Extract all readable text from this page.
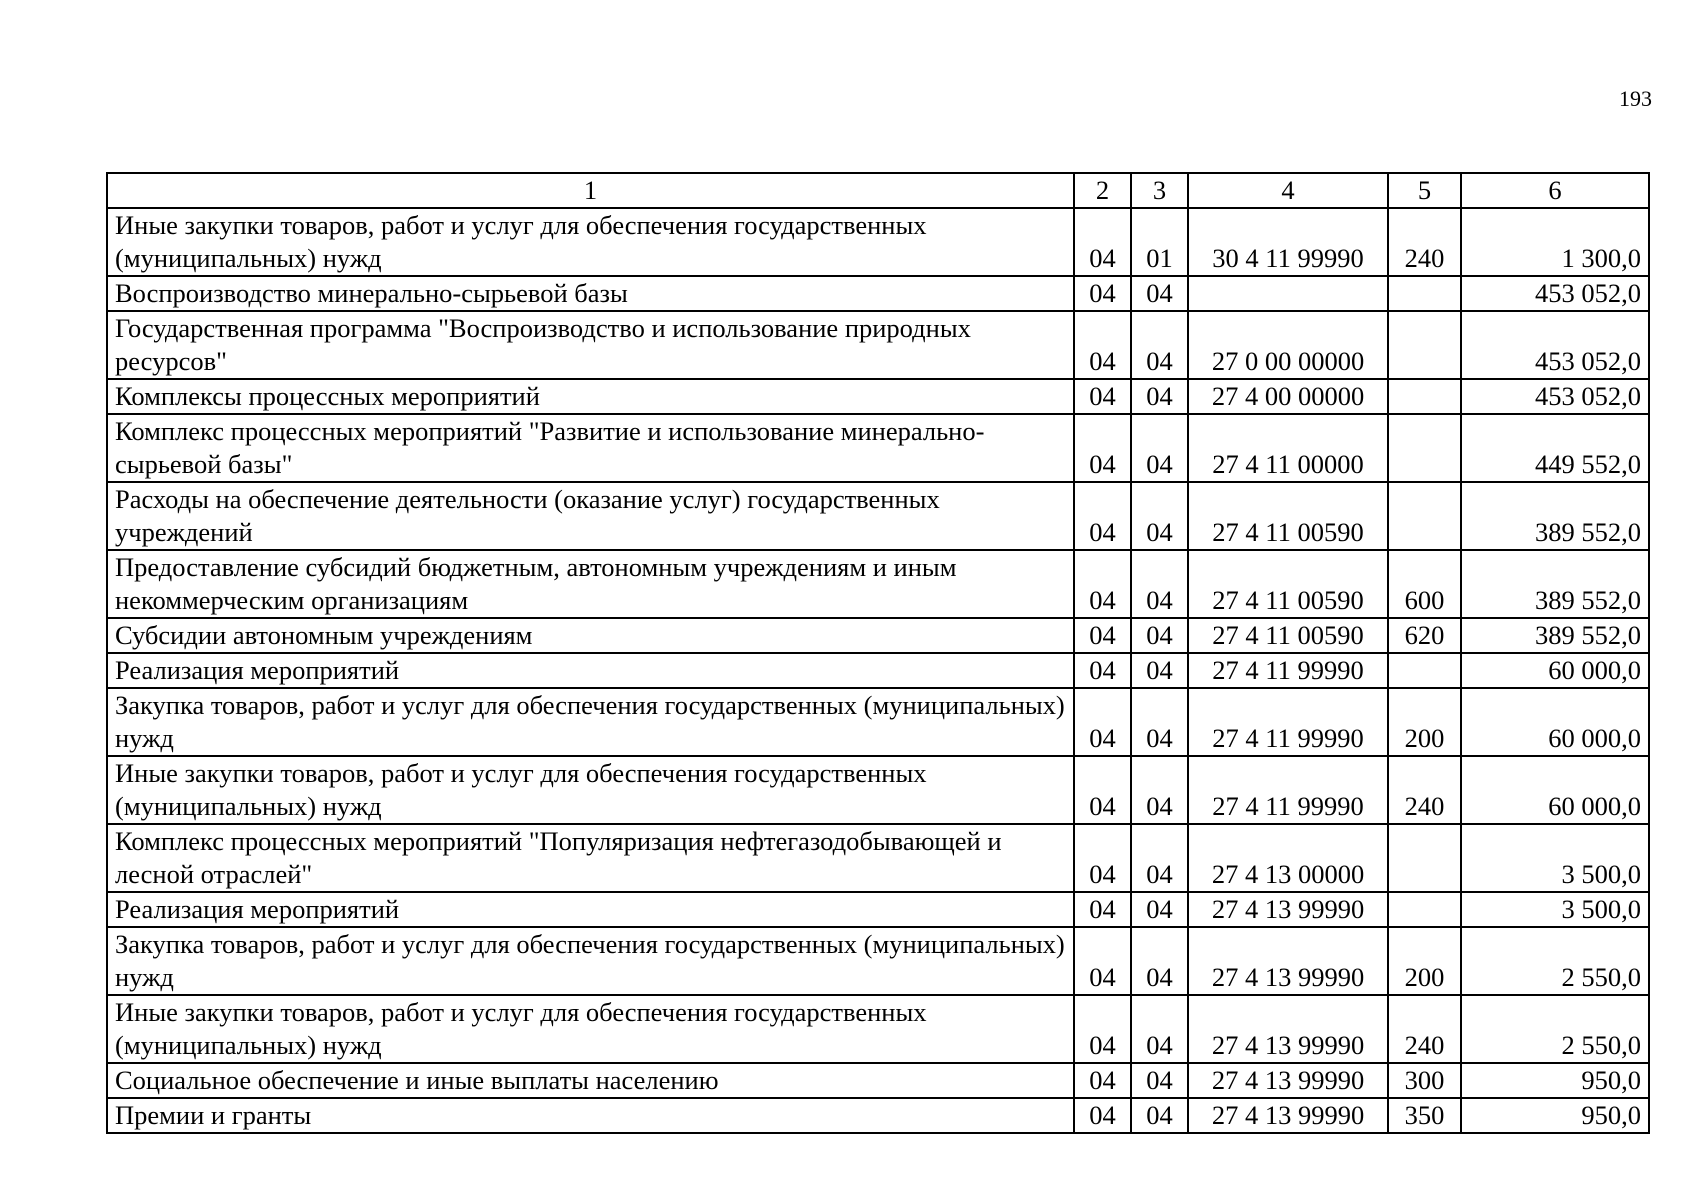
193
1	2	3	4	5	6
Иные закупки товаров, работ и услуг для обеспечения государственных (муниципальных) нужд	04	01	30 4 11 99990	240	1 300,0
Воспроизводство минерально-сырьевой базы	04	04			453 052,0
Государственная программа "Воспроизводство и использование природных ресурсов"	04	04	27 0 00 00000		453 052,0
Комплексы процессных мероприятий	04	04	27 4 00 00000		453 052,0
Комплекс процессных мероприятий "Развитие и использование минерально-сырьевой базы"	04	04	27 4 11 00000		449 552,0
Расходы на обеспечение деятельности (оказание услуг) государственных учреждений	04	04	27 4 11 00590		389 552,0
Предоставление субсидий бюджетным, автономным учреждениям и иным некоммерческим организациям	04	04	27 4 11 00590	600	389 552,0
Субсидии автономным учреждениям	04	04	27 4 11 00590	620	389 552,0
Реализация мероприятий	04	04	27 4 11 99990		60 000,0
Закупка товаров, работ и услуг для обеспечения государственных (муниципальных) нужд	04	04	27 4 11 99990	200	60 000,0
Иные закупки товаров, работ и услуг для обеспечения государственных (муниципальных) нужд	04	04	27 4 11 99990	240	60 000,0
Комплекс процессных мероприятий "Популяризация нефтегазодобывающей и лесной отраслей"	04	04	27 4 13 00000		3 500,0
Реализация мероприятий	04	04	27 4 13 99990		3 500,0
Закупка товаров, работ и услуг для обеспечения государственных (муниципальных) нужд	04	04	27 4 13 99990	200	2 550,0
Иные закупки товаров, работ и услуг для обеспечения государственных (муниципальных) нужд	04	04	27 4 13 99990	240	2 550,0
Социальное обеспечение и иные выплаты населению	04	04	27 4 13 99990	300	950,0
Премии и гранты	04	04	27 4 13 99990	350	950,0
